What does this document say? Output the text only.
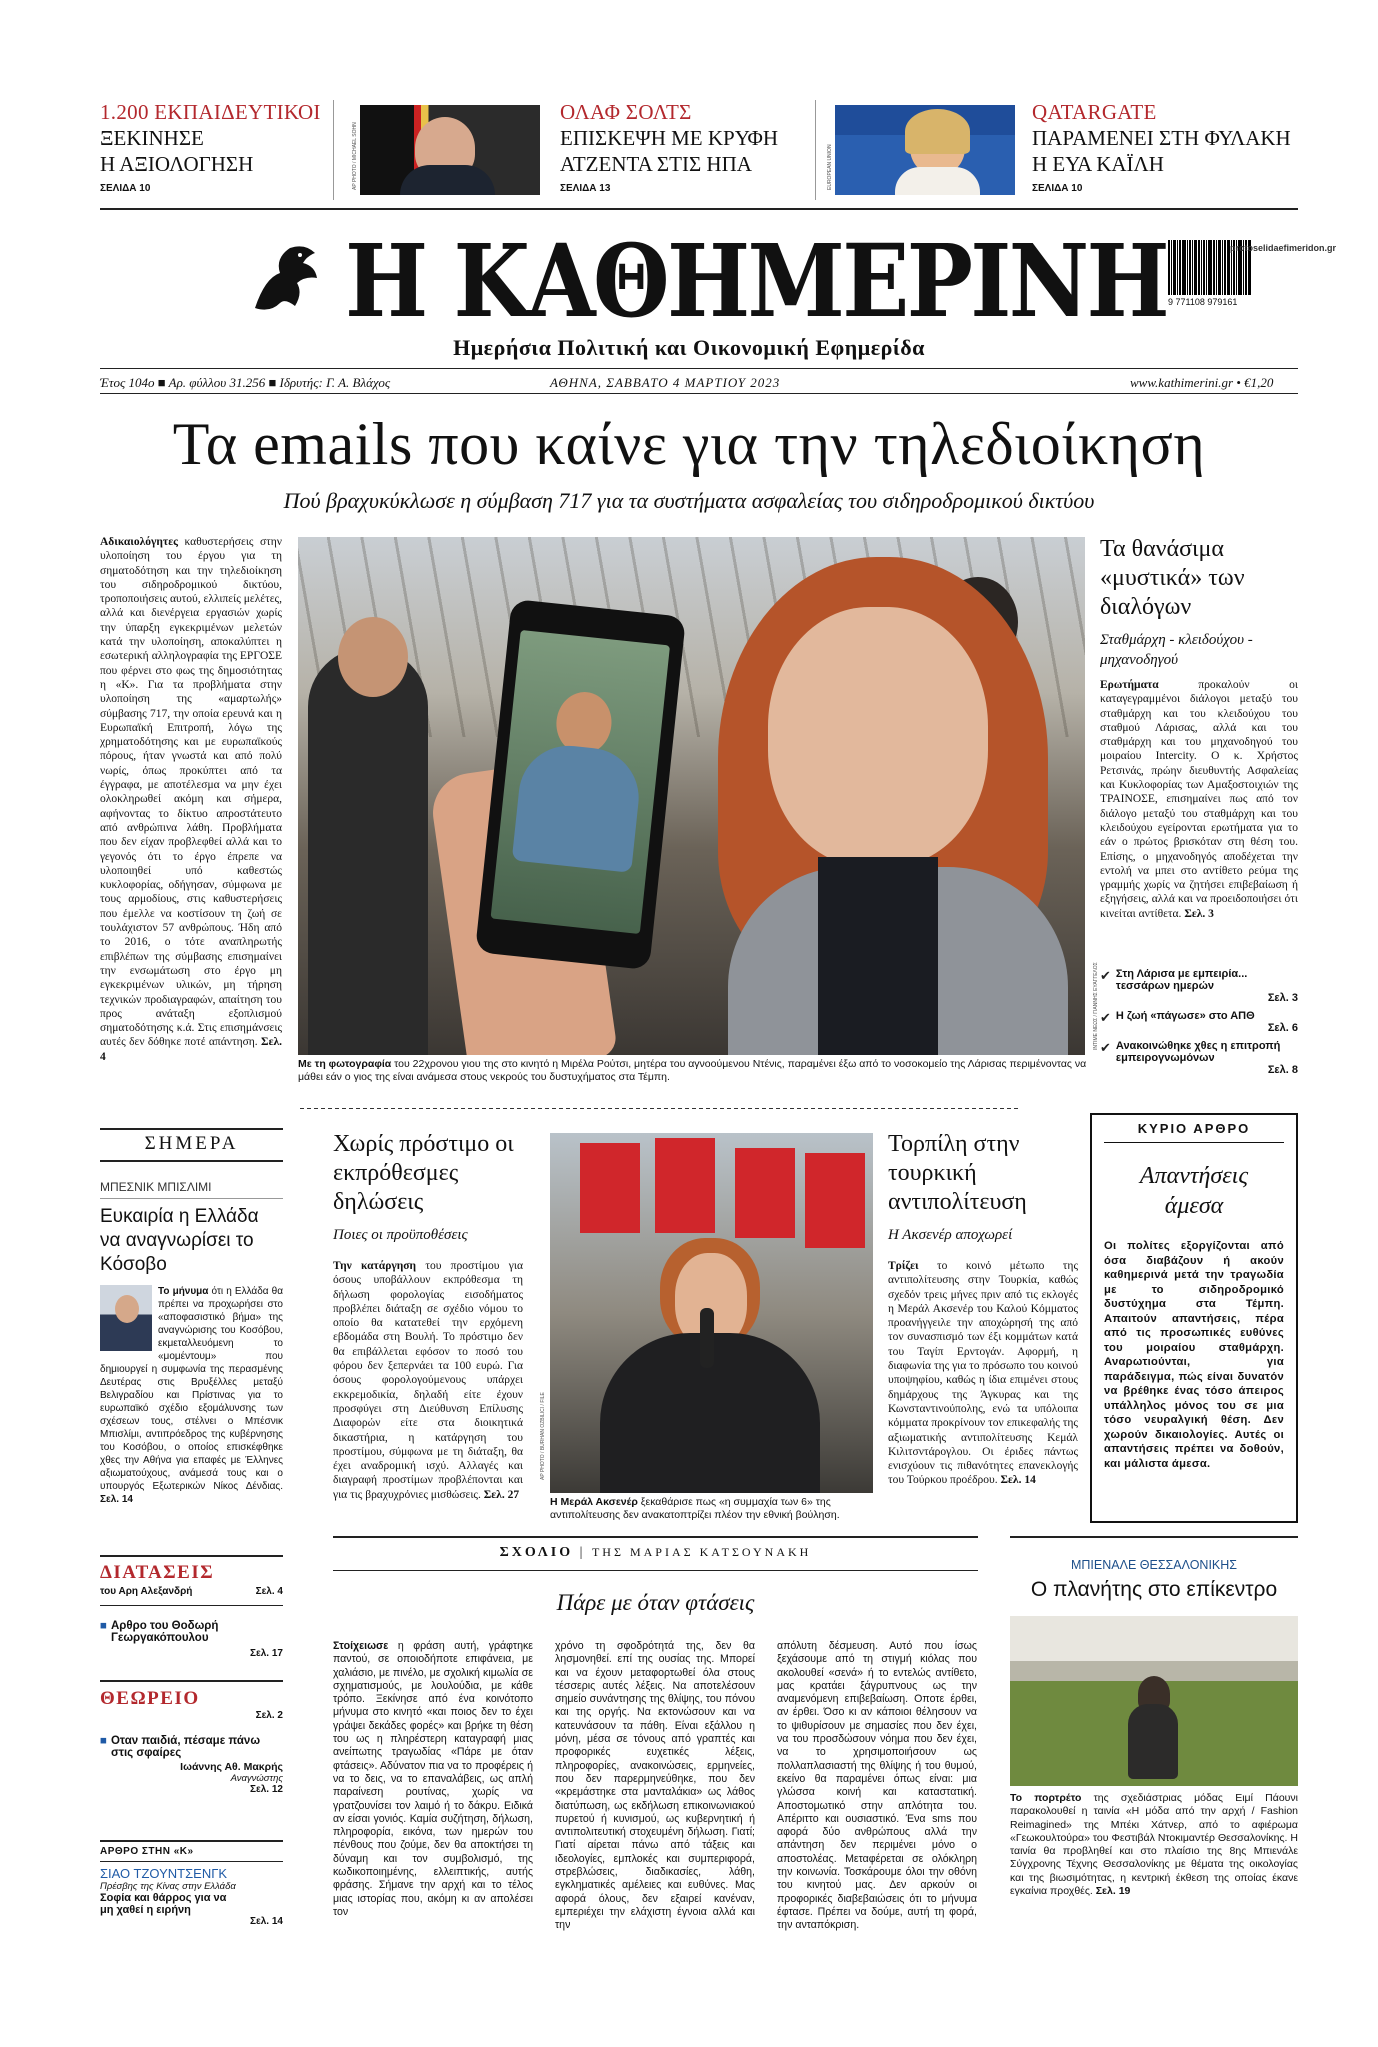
1.200 ΕΚΠΑΙΔΕΥΤΙΚΟΙ
ΞΕΚΙΝΗΣΕ
Η ΑΞΙΟΛΟΓΗΣΗ
ΣΕΛΙΔΑ 10	AP PHOTO / MICHAEL SOHN
ΟΛΑΦ ΣΟΛΤΣ
ΕΠΙΣΚΕΨΗ ΜΕ ΚΡΥΦΗ
ΑΤΖΕΝΤΑ ΣΤΙΣ ΗΠΑ
ΣΕΛΙΔΑ 13	EUROPEAN UNION
QATARGATE
ΠΑΡΑΜΕΝΕΙ ΣΤΗ ΦΥΛΑΚΗ
Η ΕΥΑ ΚΑΪΛΗ
ΣΕΛΙΔΑ 10
Η ΚΑΘΗΜΕΡΙΝΗ
Ημερήσια Πολιτική και Οικονομική Εφημερίδα
9 771108 979161
protoselidaefimeridon.gr
Έτος 104ο ■ Αρ. φύλλου 31.256 ■ Ιδρυτής: Γ. Α. Βλάχος	ΑΘΗΝΑ, ΣΑΒΒΑΤΟ 4 ΜΑΡΤΙΟΥ 2023	www.kathimerini.gr • €1,20
Τα emails που καίνε για την τηλεδιοίκηση
Πού βραχυκύκλωσε η σύμβαση 717 για τα συστήματα ασφαλείας του σιδηροδρομικού δικτύου
Αδικαιολόγητες καθυστερήσεις στην υλοποίηση του έργου για τη σηματοδότηση και την τηλεδιοίκηση του σιδηροδρομικού δικτύου, τροποποιήσεις αυτού, ελλιπείς μελέτες, αλλά και διενέργεια εργασιών χωρίς την ύπαρξη εγκεκριμένων μελετών κατά την υλοποίηση, αποκαλύπτει η εσωτερική αλληλογραφία της ΕΡΓΟΣΕ που φέρνει στο φως της δημοσιότητας η «Κ». Για τα προβλήματα στην υλοποίηση της «αμαρτωλής» σύμβασης 717, την οποία ερευνά και η Ευρωπαϊκή Επιτροπή, λόγω της χρηματοδότησης και με ευρωπαϊκούς πόρους, ήταν γνωστά και από πολύ νωρίς, όπως προκύπτει από τα έγγραφα, με αποτέλεσμα να μην έχει ολοκληρωθεί ακόμη και σήμερα, αφήνοντας το δίκτυο απροστάτευτο από ανθρώπινα λάθη. Προβλήματα που δεν είχαν προβλεφθεί αλλά και το γεγονός ότι το έργο έπρεπε να υλοποιηθεί υπό καθεστώς κυκλοφορίας, οδήγησαν, σύμφωνα με τους αρμοδίους, στις καθυστερήσεις που έμελλε να κοστίσουν τη ζωή σε τουλάχιστον 57 ανθρώπους. Ήδη από το 2016, ο τότε αναπληρωτής επιβλέπων της σύμβασης επισημαίνει την ενσωμάτωση στο έργο μη εγκεκριμένων υλικών, μη τήρηση τεχνικών προδιαγραφών, απαίτηση του προς ανάταξη εξοπλισμού σηματοδότησης κ.ά. Στις επισημάνσεις αυτές δεν δόθηκε ποτέ απάντηση. Σελ. 4
ΙΝΤΙΜΕ ΝΕΩΣ / ΓΙΑΝΝΗΣ ΕΥΑΓΓΕΛΟΣ
Με τη φωτογραφία του 22χρονου γιου της στο κινητό η Μιρέλα Ρούτσι, μητέρα του αγνοούμενου Ντένις, παραμένει έξω από το νοσοκομείο της Λάρισας περιμένοντας να μάθει εάν ο γιος της είναι ανάμεσα στους νεκρούς του δυστυχήματος στα Τέμπη.
Τα θανάσιμα «μυστικά» των διαλόγων
Σταθμάρχη - κλειδούχου - μηχανοδηγού
Ερωτήματα προκαλούν οι καταγεγραμμένοι διάλογοι μεταξύ του σταθμάρχη και του κλειδούχου του σταθμού Λάρισας, αλλά και του σταθμάρχη και του μηχανοδηγού του μοιραίου Intercity. Ο κ. Χρήστος Ρετσινάς, πρώην διευθυντής Ασφαλείας και Κυκλοφορίας των Αμαξοστοιχιών της ΤΡΑΙΝΟΣΕ, επισημαίνει πως από τον διάλογο μεταξύ του σταθμάρχη και του κλειδούχου εγείρονται ερωτήματα για το εάν ο πρώτος βρισκόταν στη θέση του. Επίσης, ο μηχανοδηγός αποδέχεται την εντολή να μπει στο αντίθετο ρεύμα της γραμμής χωρίς να ζητήσει επιβεβαίωση ή εξηγήσεις, αλλά και να προειδοποιήσει ότι κινείται αντίθετα. Σελ. 3
✔ Στη Λάρισα με εμπειρία... τεσσάρων ημερών
Σελ. 3
✔ Η ζωή «πάγωσε» στο ΑΠΘ
Σελ. 6
✔ Ανακοινώθηκε χθες η επιτροπή εμπειρογνωμόνων
Σελ. 8
ΣΗΜΕΡΑ
ΜΠΕΣΝΙΚ ΜΠΙΣΛΙΜΙ
Ευκαιρία η Ελλάδα να αναγνωρίσει το Κόσοβο
Το μήνυμα ότι η Ελλάδα θα πρέπει να προχωρήσει στο «αποφασιστικό βήμα» της αναγνώρισης του Κοσόβου, εκμεταλλευόμενη το «μομέντουμ» που δημιουργεί η συμφωνία της περασμένης Δευτέρας στις Βρυξέλλες μεταξύ Βελιγραδίου και Πρίστινας για το ευρωπαϊκό σχέδιο εξομάλυνσης των σχέσεων τους, στέλνει ο Μπέσνικ Μπισλίμι, αντιπρόεδρος της κυβέρνησης του Κοσόβου, ο οποίος επισκέφθηκε χθες την Αθήνα για επαφές με Έλληνες αξιωματούχους, ανάμεσά τους και ο υπουργός Εξωτερικών Νίκος Δένδιας. Σελ. 14
ΔΙΑΤΑΣΕΙΣ
του Αρη Αλεξανδρή	Σελ. 4
■ Αρθρο του Θοδωρή Γεωργακόπουλου
Σελ. 17
ΘΕΩΡΕΙΟ
Σελ. 2
■ Οταν παιδιά, πέσαμε πάνω στις σφαίρες
Ιωάννης Αθ. Μακρής
Αναγνώστης
Σελ. 12
ΑΡΘΡΟ ΣΤΗΝ «Κ»
ΣΙΑΟ ΤΖΟΥΝΤΣΕΝΓΚ
Πρέσβης της Κίνας στην Ελλάδα
Σοφία και θάρρος για να μη χαθεί η ειρήνη
Σελ. 14
Χωρίς πρόστιμο οι εκπρόθεσμες δηλώσεις
Ποιες οι προϋποθέσεις
Την κατάργηση του προστίμου για όσους υποβάλλουν εκπρόθεσμα τη δήλωση φορολογίας εισοδήματος προβλέπει διάταξη σε σχέδιο νόμου το οποίο θα κατατεθεί την ερχόμενη εβδομάδα στη Βουλή. Το πρόστιμο δεν θα επιβάλλεται εφόσον το ποσό του φόρου δεν ξεπερνάει τα 100 ευρώ. Για όσους φορολογούμενους υπάρχει εκκρεμοδικία, δηλαδή είτε έχουν προσφύγει στη Διεύθυνση Επίλυσης Διαφορών είτε στα διοικητικά δικαστήρια, η κατάργηση του προστίμου, σύμφωνα με τη διάταξη, θα έχει αναδρομική ισχύ. Αλλαγές και διαγραφή προστίμων προβλέπονται και για τις βραχυχρόνιες μισθώσεις. Σελ. 27
AP PHOTO / BURHAN OZBILICI / FILE
Η Μεράλ Ακσενέρ ξεκαθάρισε πως «η συμμαχία των 6» της αντιπολίτευσης δεν ανακατοπτρίζει πλέον την εθνική βούληση.
Τορπίλη στην τουρκική αντιπολίτευση
Η Ακσενέρ αποχωρεί
Τρίζει το κοινό μέτωπο της αντιπολίτευσης στην Τουρκία, καθώς σχεδόν τρεις μήνες πριν από τις εκλογές η Μεράλ Ακσενέρ του Καλού Κόμματος προανήγγειλε την αποχώρησή της από τον συνασπισμό των έξι κομμάτων κατά του Ταγίπ Ερντογάν. Αφορμή, η διαφωνία της για το πρόσωπο του κοινού υποψηφίου, καθώς η ίδια επιμένει στους δημάρχους της Άγκυρας και της Κωνσταντινούπολης, ενώ τα υπόλοιπα κόμματα προκρίνουν τον επικεφαλής της αξιωματικής αντιπολίτευσης Κεμάλ Κιλιτσντάρογλου. Οι έριδες πάντως ενισχύουν τις πιθανότητες επανεκλογής του Τούρκου προέδρου. Σελ. 14
ΚΥΡΙΟ ΑΡΘΡΟ
Απαντήσεις άμεσα
Οι πολίτες εξοργίζονται από όσα διαβάζουν ή ακούν καθημερινά μετά την τραγωδία με το σιδηροδρομικό δυστύχημα στα Τέμπη. Απαιτούν απαντήσεις, πέρα από τις προσωπικές ευθύνες του μοιραίου σταθμάρχη. Αναρωτιούνται, για παράδειγμα, πώς είναι δυνατόν να βρέθηκε ένας τόσο άπειρος υπάλληλος μόνος του σε μια τόσο νευραλγική θέση. Δεν χωρούν δικαιολογίες. Αυτές οι απαντήσεις πρέπει να δοθούν, και μάλιστα άμεσα.
ΣΧΟΛΙΟ | ΤΗΣ ΜΑΡΙΑΣ ΚΑΤΣΟΥΝΑΚΗ
Πάρε με όταν φτάσεις
Στοίχειωσε η φράση αυτή, γράφτηκε παντού, σε οποιοδήποτε επιφάνεια, με χαλιάσιο, με πινέλο, με σχολική κιμωλία σε σχηματισμούς, με λουλούδια, με κάθε τρόπο. Ξεκίνησε από ένα κοινότοπο μήνυμα στο κινητό «και ποιος δεν το έχει γράψει δεκάδες φορές» και βρήκε τη θέση του ως η πληρέστερη καταγραφή μιας ανείπωτης τραγωδίας «Πάρε με όταν φτάσεις». Αδύνατον πια να το προφέρεις ή να το δεις, να το επαναλάβεις, ως απλή παραίνεση ρουτίνας, χωρίς να γρατζουνίσει τον λαιμό ή το δάκρυ. Ειδικά αν είσαι γονιός. Καμία συζήτηση, δήλωση, πληροφορία, εικόνα, των ημερών του πένθους που ζούμε, δεν θα αποκτήσει τη δύναμη και τον συμβολισμό, της κωδικοποιημένης, ελλειπτικής, αυτής φράσης. Σήμανε την αρχή και το τέλος μιας ιστορίας που, ακόμη κι αν απολέσει τον
χρόνο τη σφοδρότητά της, δεν θα λησμονηθεί. επί της ουσίας της. Μπορεί και να έχουν μεταφορτωθεί όλα στους τέσσερις αυτές λέξεις. Να αποτελέσουν σημείο συνάντησης της θλίψης, του πόνου και της οργής. Να εκτονώσουν και να κατευνάσουν τα πάθη. Είναι εξάλλου η μόνη, μέσα σε τόνους από γραπτές και προφορικές ευχετικές λέξεις, πληροφορίες, ανακοινώσεις, ερμηνείες, που δεν παρερμηνεύθηκε, που δεν «κρεμάστηκε στα μανταλάκια» ως λάθος διατύπωση, ως εκδήλωση επικοινωνιακού πυρετού ή κυνισμού, ως κυβερνητική ή αντιπολιτευτική στοχευμένη δήλωση. Γιατί; Γιατί αίρεται πάνω από τάξεις και ιδεολογίες, εμπλοκές και συμπεριφορά, στρεβλώσεις, διαδικασίες, λάθη, εγκληματικές αμέλειες και ευθύνες. Μας αφορά όλους, δεν εξαιρεί κανέναν, εμπεριέχει την ελάχιστη έγνοια αλλά και την
απόλυτη δέσμευση. Αυτό που ίσως ξεχάσουμε από τη στιγμή κιόλας που ακολουθεί «σενά» ή το εντελώς αντίθετο, μας κρατάει ξάγρυπνους ως την αναμενόμενη επιβεβαίωση. Οποτε έρθει, αν έρθει. Όσο κι αν κάποιοι θέλησουν να το ψιθυρίσουν με σημασίες που δεν έχει, να του προσδώσουν νόημα που δεν έχει, να το χρησιμοποιήσουν ως πολλαπλασιαστή της θλίψης ή του θυμού, εκείνο θα παραμένει όπως είναι: μια γλώσσα κοινή και καταστατική. Αποστομωτικό στην απλότητα του. Απέριττο και ουσιαστικό. Ένα sms που αφορά δύο ανθρώπους αλλά την απάντηση δεν περιμένει μόνο ο αποστολέας. Μεταφέρεται σε ολόκληρη την κοινωνία. Τοσκάρουμε όλοι την οθόνη του κινητού μας. Δεν αρκούν οι προφορικές διαβεβαιώσεις ότι το μήνυμα έφτασε. Πρέπει να δούμε, αυτή τη φορά, την ανταπόκριση.
ΜΠΙΕΝΑΛΕ ΘΕΣΣΑΛΟΝΙΚΗΣ
Ο πλανήτης στο επίκεντρο
Το πορτρέτο της σχεδιάστριας μόδας Ειμί Πάουνι παρακολουθεί η ταινία «Η μόδα από την αρχή / Fashion Reimagined» της Μπέκι Χάτνερ, από το αφιέρωμα «Γεωκουλτούρα» του Φεστιβάλ Ντοκιμαντέρ Θεσσαλονίκης. Η ταινία θα προβληθεί και στο πλαίσιο της 8ης Μπιενάλε Σύγχρονης Τέχνης Θεσσαλονίκης με θέματα της οικολογίας και της βιωσιμότητας, η κεντρική έκθεση της οποίας έκανε εγκαίνια προχθές. Σελ. 19
